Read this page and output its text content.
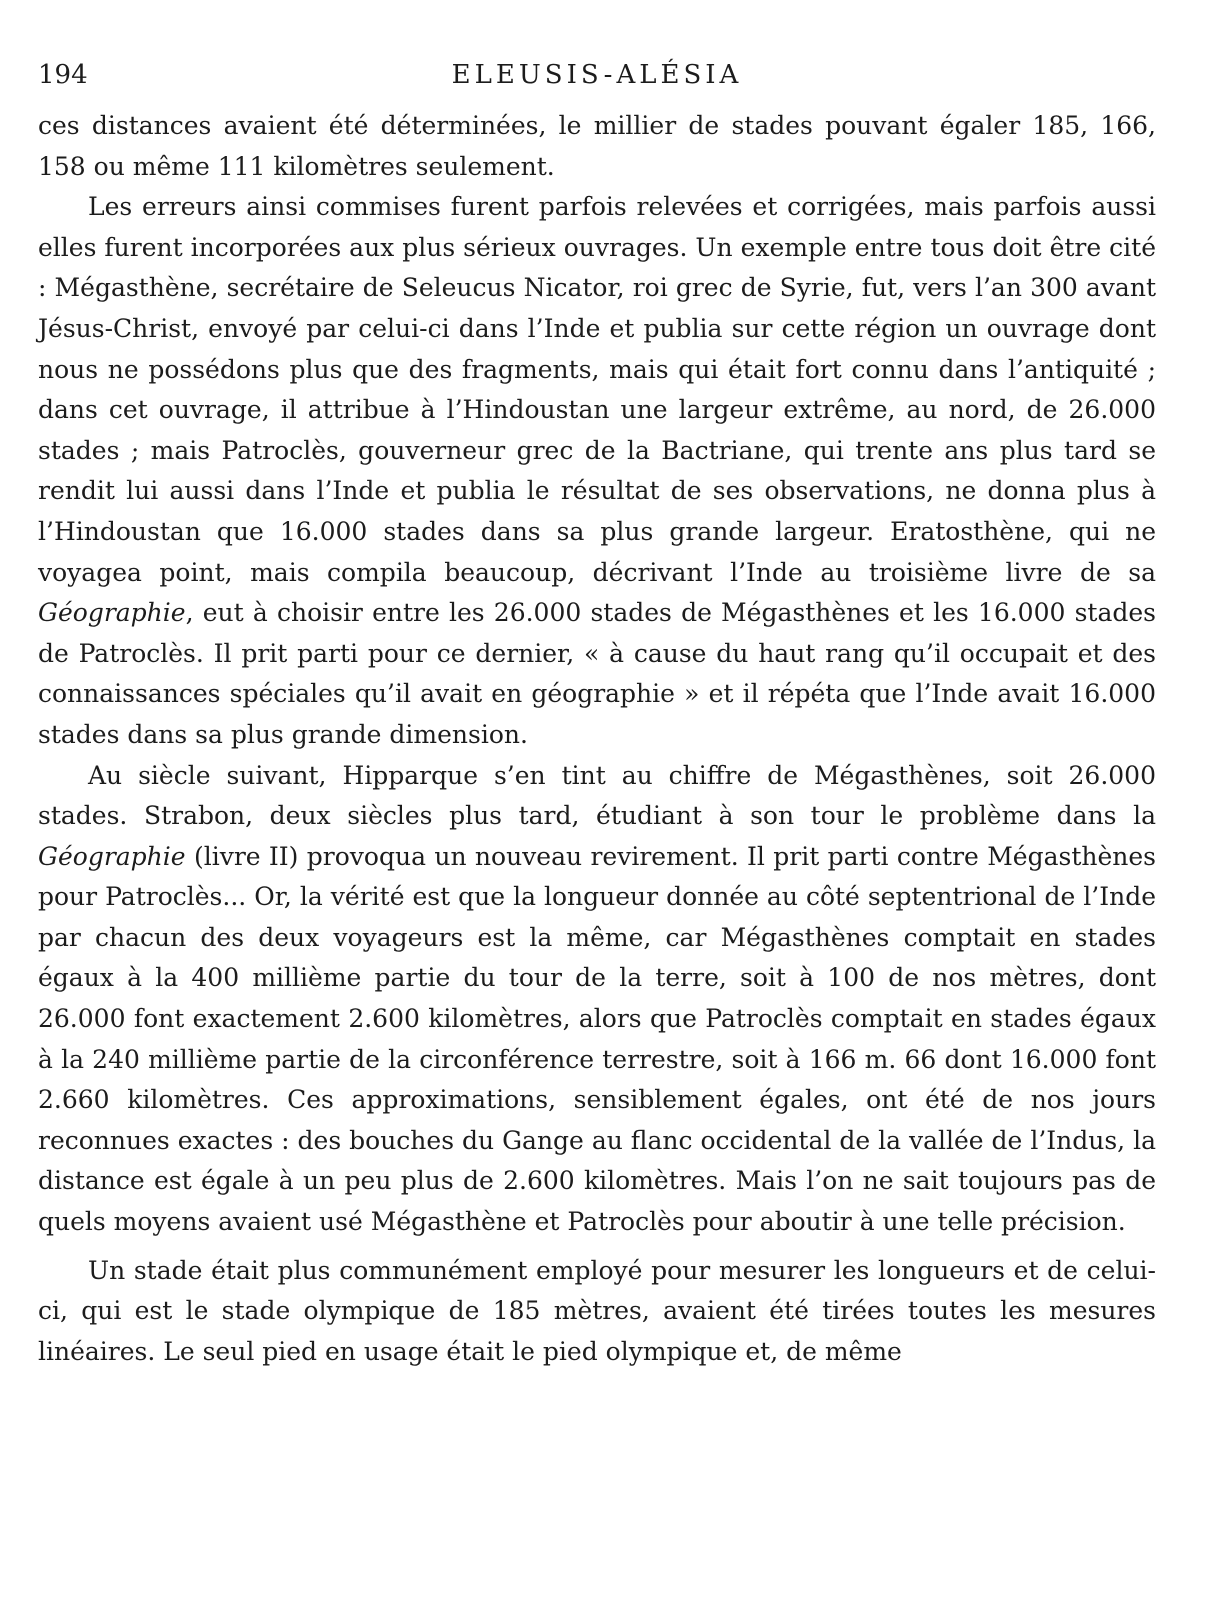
194	ELEUSIS-ALÉSIA

ces distances avaient été déterminées, le millier de stades pouvant égaler 185, 166, 158 ou même 111 kilomètres seulement.

Les erreurs ainsi commises furent parfois relevées et corrigées, mais parfois aussi elles furent incorporées aux plus sérieux ouvrages. Un exemple entre tous doit être cité : Mégasthène, secrétaire de Seleucus Nicator, roi grec de Syrie, fut, vers l’an 300 avant Jésus-Christ, envoyé par celui-ci dans l’Inde et publia sur cette région un ouvrage dont nous ne possédons plus que des fragments, mais qui était fort connu dans l’antiquité ; dans cet ouvrage, il attribue à l’Hindoustan une largeur extrême, au nord, de 26.000 stades ; mais Patroclès, gouverneur grec de la Bactriane, qui trente ans plus tard se rendit lui aussi dans l’Inde et publia le résultat de ses observations, ne donna plus à l’Hindoustan que 16.000 stades dans sa plus grande largeur. Eratosthène, qui ne voyagea point, mais compila beaucoup, décrivant l’Inde au troisième livre de sa Géographie, eut à choisir entre les 26.000 stades de Mégasthènes et les 16.000 stades de Patroclès. Il prit parti pour ce dernier, « à cause du haut rang qu’il occupait et des connaissances spéciales qu’il avait en géographie » et il répéta que l’Inde avait 16.000 stades dans sa plus grande dimension.

Au siècle suivant, Hipparque s’en tint au chiffre de Mégasthènes, soit 26.000 stades. Strabon, deux siècles plus tard, étudiant à son tour le problème dans la Géographie (livre II) provoqua un nouveau revirement. Il prit parti contre Mégasthènes pour Patroclès... Or, la vérité est que la longueur donnée au côté septentrional de l’Inde par chacun des deux voyageurs est la même, car Mégasthènes comptait en stades égaux à la 400 millième partie du tour de la terre, soit à 100 de nos mètres, dont 26.000 font exactement 2.600 kilomètres, alors que Patroclès comptait en stades égaux à la 240 millième partie de la circonférence terrestre, soit à 166 m. 66 dont 16.000 font 2.660 kilomètres. Ces approximations, sensiblement égales, ont été de nos jours reconnues exactes : des bouches du Gange au flanc occidental de la vallée de l’Indus, la distance est égale à un peu plus de 2.600 kilomètres. Mais l’on ne sait toujours pas de quels moyens avaient usé Mégasthène et Patroclès pour aboutir à une telle précision.

Un stade était plus communément employé pour mesurer les longueurs et de celui-ci, qui est le stade olympique de 185 mètres, avaient été tirées toutes les mesures linéaires. Le seul pied en usage était le pied olympique et, de même
